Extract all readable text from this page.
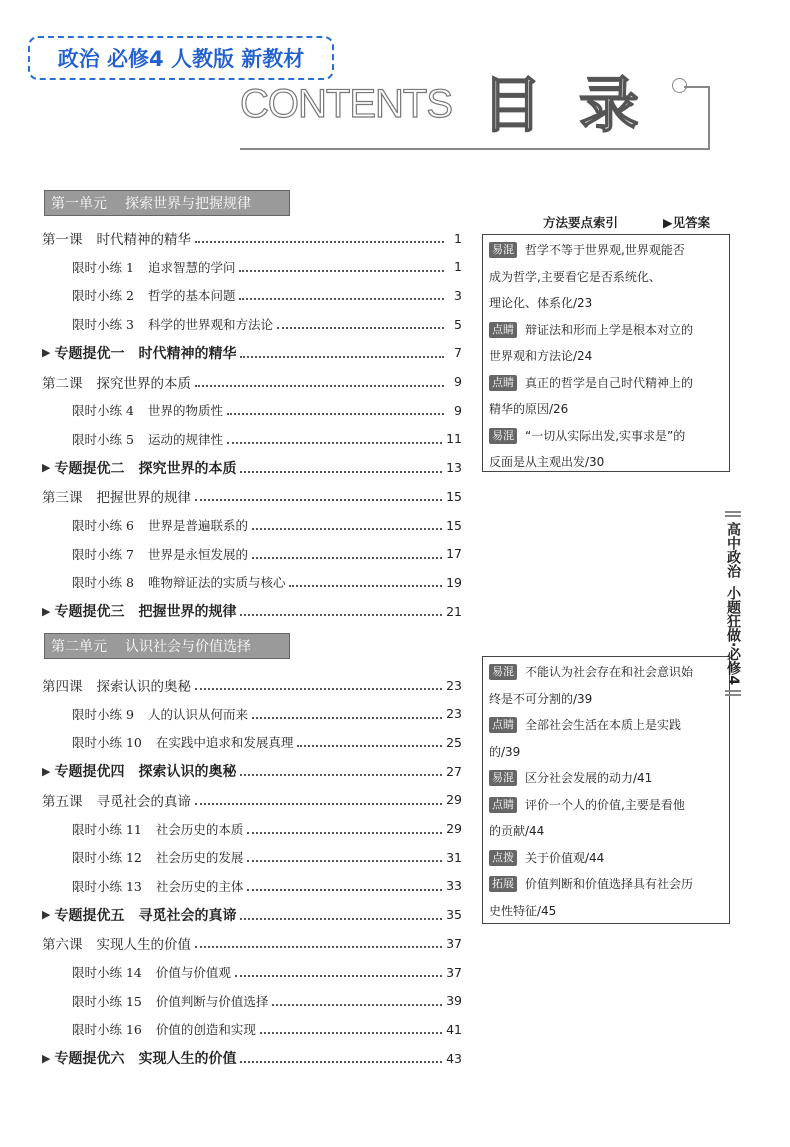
政治 必修4 人教版 新教材
CONTENTS 目 录
第一单元 探索世界与把握规律
第二单元 认识社会与价值选择
第一课 时代精神的精华	1
限时小练 1 追求智慧的学问	1
限时小练 2 哲学的基本问题	3
限时小练 3 科学的世界观和方法论	5
▶ 专题提优一 时代精神的精华	7
第二课 探究世界的本质	9
限时小练 4 世界的物质性	9
限时小练 5 运动的规律性	11
▶ 专题提优二 探究世界的本质	13
第三课 把握世界的规律	15
限时小练 6 世界是普遍联系的	15
限时小练 7 世界是永恒发展的	17
限时小练 8 唯物辩证法的实质与核心	19
▶ 专题提优三 把握世界的规律	21
第四课 探索认识的奥秘	23
限时小练 9 人的认识从何而来	23
限时小练 10 在实践中追求和发展真理	25
▶ 专题提优四 探索认识的奥秘	27
第五课 寻觅社会的真谛	29
限时小练 11 社会历史的本质	29
限时小练 12 社会历史的发展	31
限时小练 13 社会历史的主体	33
▶ 专题提优五 寻觅社会的真谛	35
第六课 实现人生的价值	37
限时小练 14 价值与价值观	37
限时小练 15 价值判断与价值选择	39
限时小练 16 价值的创造和实现	41
▶ 专题提优六 实现人生的价值	43
方法要点索引	▶见答案
易混 哲学不等于世界观,世界观能否
成为哲学,主要看它是否系统化、
理论化、体系化/23
点睛 辩证法和形而上学是根本对立的
世界观和方法论/24
点睛 真正的哲学是自己时代精神上的
精华的原因/26
易混 “一切从实际出发,实事求是”的
反面是从主观出发/30
易混 不能认为社会存在和社会意识始
终是不可分割的/39
点睛 全部社会生活在本质上是实践
的/39
易混 区分社会发展的动力/41
点睛 评价一个人的价值,主要是看他
的贡献/44
点拨 关于价值观/44
拓展 价值判断和价值选择具有社会历
史性特征/45
高中政治
小题狂做·必修4
